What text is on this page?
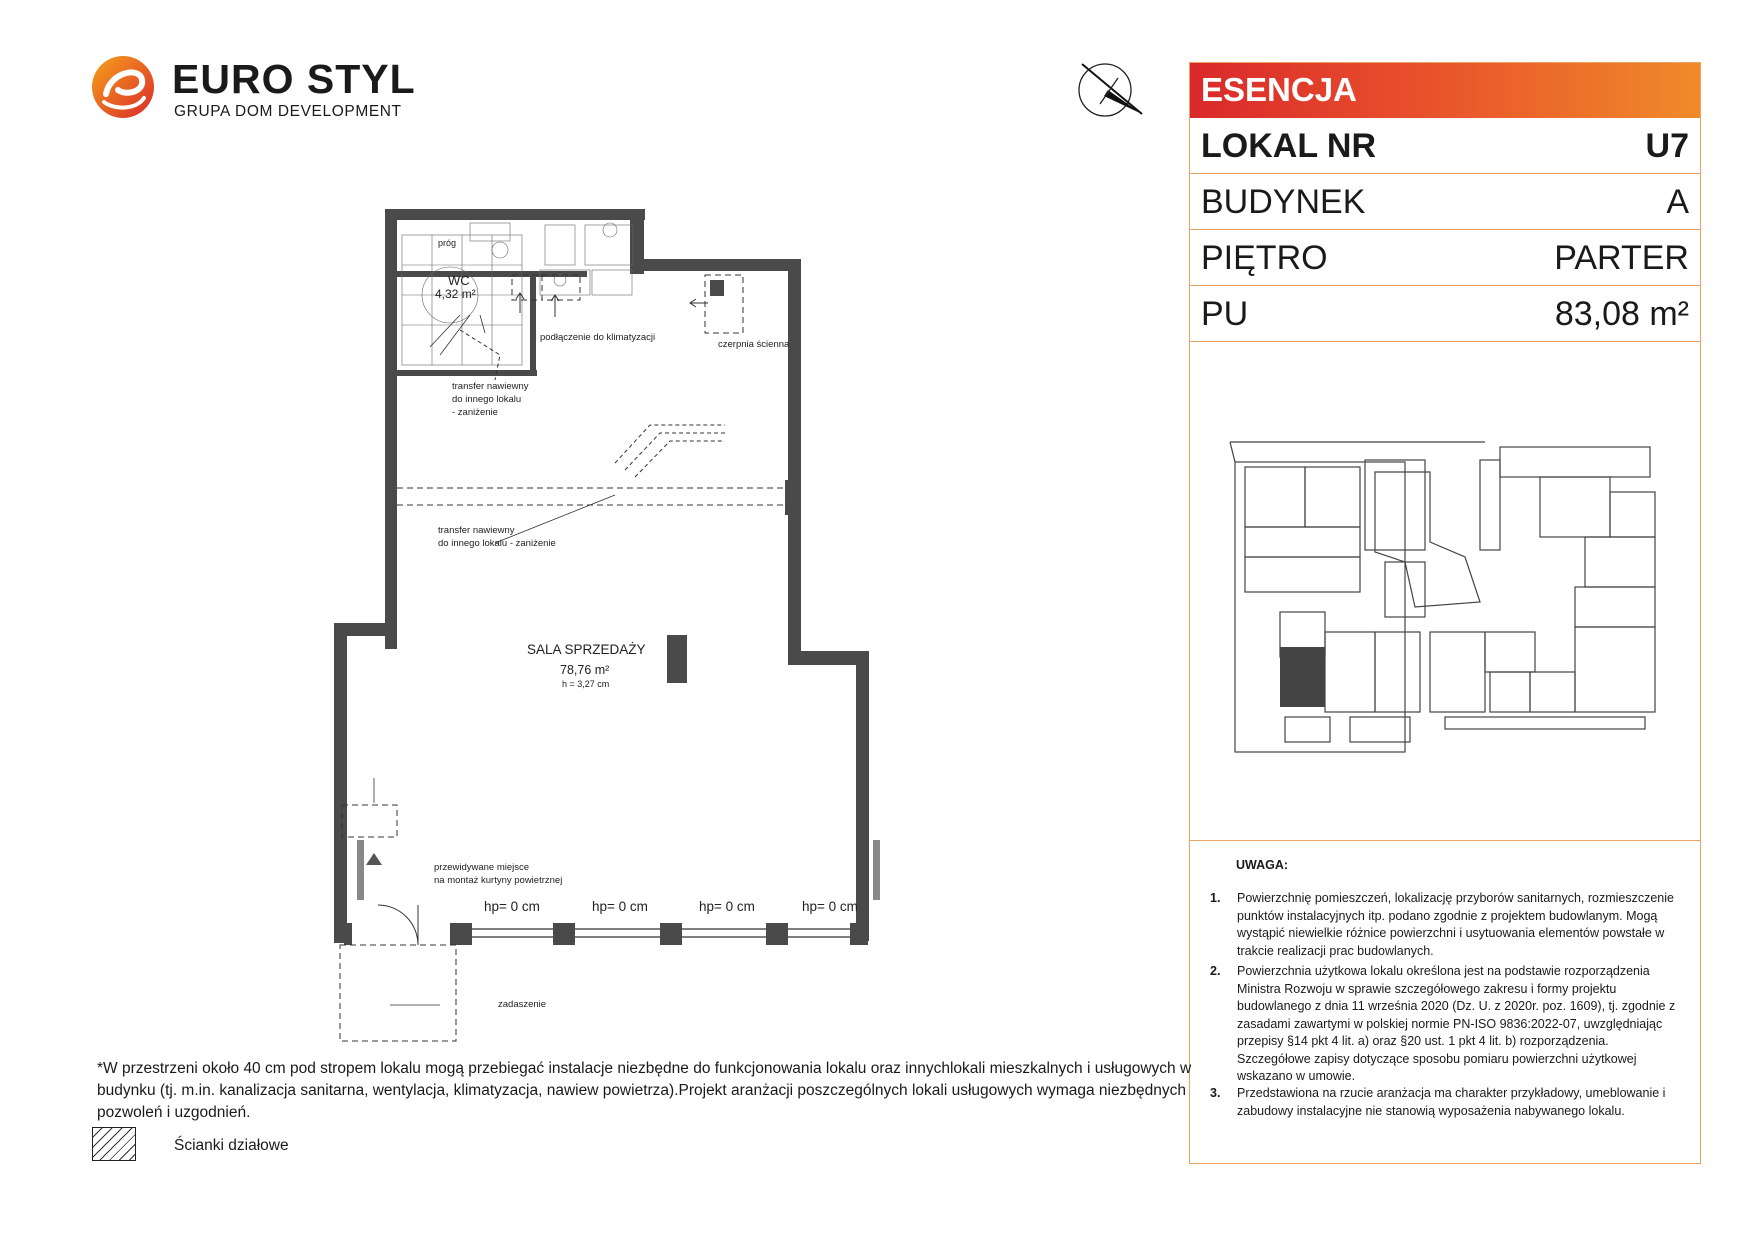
EURO STYL
GRUPA DOM DEVELOPMENT
WC
4,32 m²
próg
podłączenie do klimatyzacji
czerpnia ścienna
transfer nawiewny
do innego lokalu
- zaniżenie
transfer nawiewny
do innego lokalu - zaniżenie
SALA SPRZEDAŻY
78,76 m²
h = 3,27 cm
przewidywane miejsce
na montaż kurtyny powietrznej
zadaszenie
hp= 0 cm	hp= 0 cm	hp= 0 cm	hp= 0 cm
ESENCJA
LOKAL NR	U7
BUDYNEK	A
PIĘTRO	PARTER
PU	83,08 m²
UWAGA:
1. Powierzchnię pomieszczeń, lokalizację przyborów sanitarnych, rozmieszczenie punktów instalacyjnych itp. podano zgodnie z projektem budowlanym. Mogą wystąpić niewielkie różnice powierzchni i usytuowania elementów powstałe w trakcie realizacji prac budowlanych.
2. Powierzchnia użytkowa lokalu określona jest na podstawie rozporządzenia Ministra Rozwoju w sprawie szczegółowego zakresu i formy projektu budowlanego z dnia 11 września 2020 (Dz. U. z 2020r. poz. 1609), tj. zgodnie z zasadami zawartymi w polskiej normie PN-ISO 9836:2022-07, uwzględniając przepisy §14 pkt 4 lit. a) oraz §20 ust. 1 pkt 4 lit. b) rozporządzenia. Szczegółowe zapisy dotyczące sposobu pomiaru powierzchni użytkowej wskazano w umowie.
3. Przedstawiona na rzucie aranżacja ma charakter przykładowy, umeblowanie i zabudowy instalacyjne nie stanowią wyposażenia nabywanego lokalu.
*W przestrzeni około 40 cm pod stropem lokalu mogą przebiegać instalacje niezbędne do funkcjonowania lokalu oraz innychlokali mieszkalnych i usługowych w budynku (tj. m.in. kanalizacja sanitarna, wentylacja, klimatyzacja, nawiew powietrza).Projekt aranżacji poszczególnych lokali usługowych wymaga niezbędnych pozwoleń i uzgodnień.
Ścianki działowe
